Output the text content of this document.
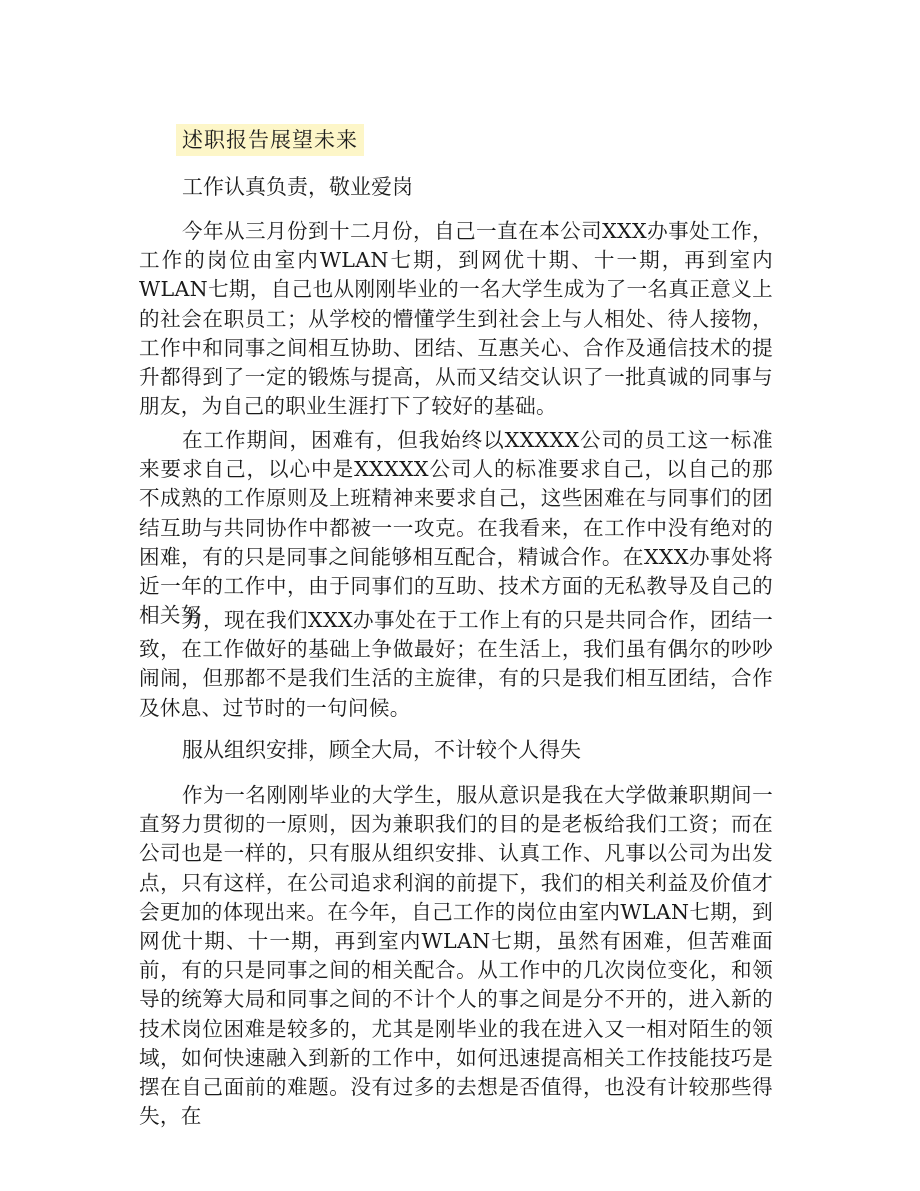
述职报告展望未来
工作认真负责，敬业爱岗

今年从三月份到十二月份，自己一直在本公司XXX办事处工作，工作的岗位由室内WLAN七期，到网优十期、十一期，再到室内WLAN七期，自己也从刚刚毕业的一名大学生成为了一名真正意义上的社会在职员工；从学校的懵懂学生到社会上与人相处、待人接物，工作中和同事之间相互协助、团结、互惠关心、合作及通信技术的提升都得到了一定的锻炼与提高，从而又结交认识了一批真诚的同事与朋友，为自己的职业生涯打下了较好的基础。

在工作期间，困难有，但我始终以XXXXX公司的员工这一标准来要求自己，以心中是XXXXX公司人的标准要求自己，以自己的那不成熟的工作原则及上班精神来要求自己，这些困难在与同事们的团结互助与共同协作中都被一一攻克。在我看来，在工作中没有绝对的困难，有的只是同事之间能够相互配合，精诚合作。在XXX办事处将近一年的工作中，由于同事们的互助、技术方面的无私教导及自己的相关努

力，现在我们XXX办事处在于工作上有的只是共同合作，团结一致，在工作做好的基础上争做最好；在生活上，我们虽有偶尔的吵吵闹闹，但那都不是我们生活的主旋律，有的只是我们相互团结，合作及休息、过节时的一句问候。

服从组织安排，顾全大局，不计较个人得失

作为一名刚刚毕业的大学生，服从意识是我在大学做兼职期间一直努力贯彻的一原则，因为兼职我们的目的是老板给我们工资；而在公司也是一样的，只有服从组织安排、认真工作、凡事以公司为出发点，只有这样，在公司追求利润的前提下，我们的相关利益及价值才会更加的体现出来。在今年，自己工作的岗位由室内WLAN七期，到网优十期、十一期，再到室内WLAN七期，虽然有困难，但苦难面前，有的只是同事之间的相关配合。从工作中的几次岗位变化，和领导的统筹大局和同事之间的不计个人的事之间是分不开的，进入新的技术岗位困难是较多的，尤其是刚毕业的我在进入又一相对陌生的领域，如何快速融入到新的工作中，如何迅速提高相关工作技能技巧是摆在自己面前的难题。没有过多的去想是否值得，也没有计较那些得失，在
